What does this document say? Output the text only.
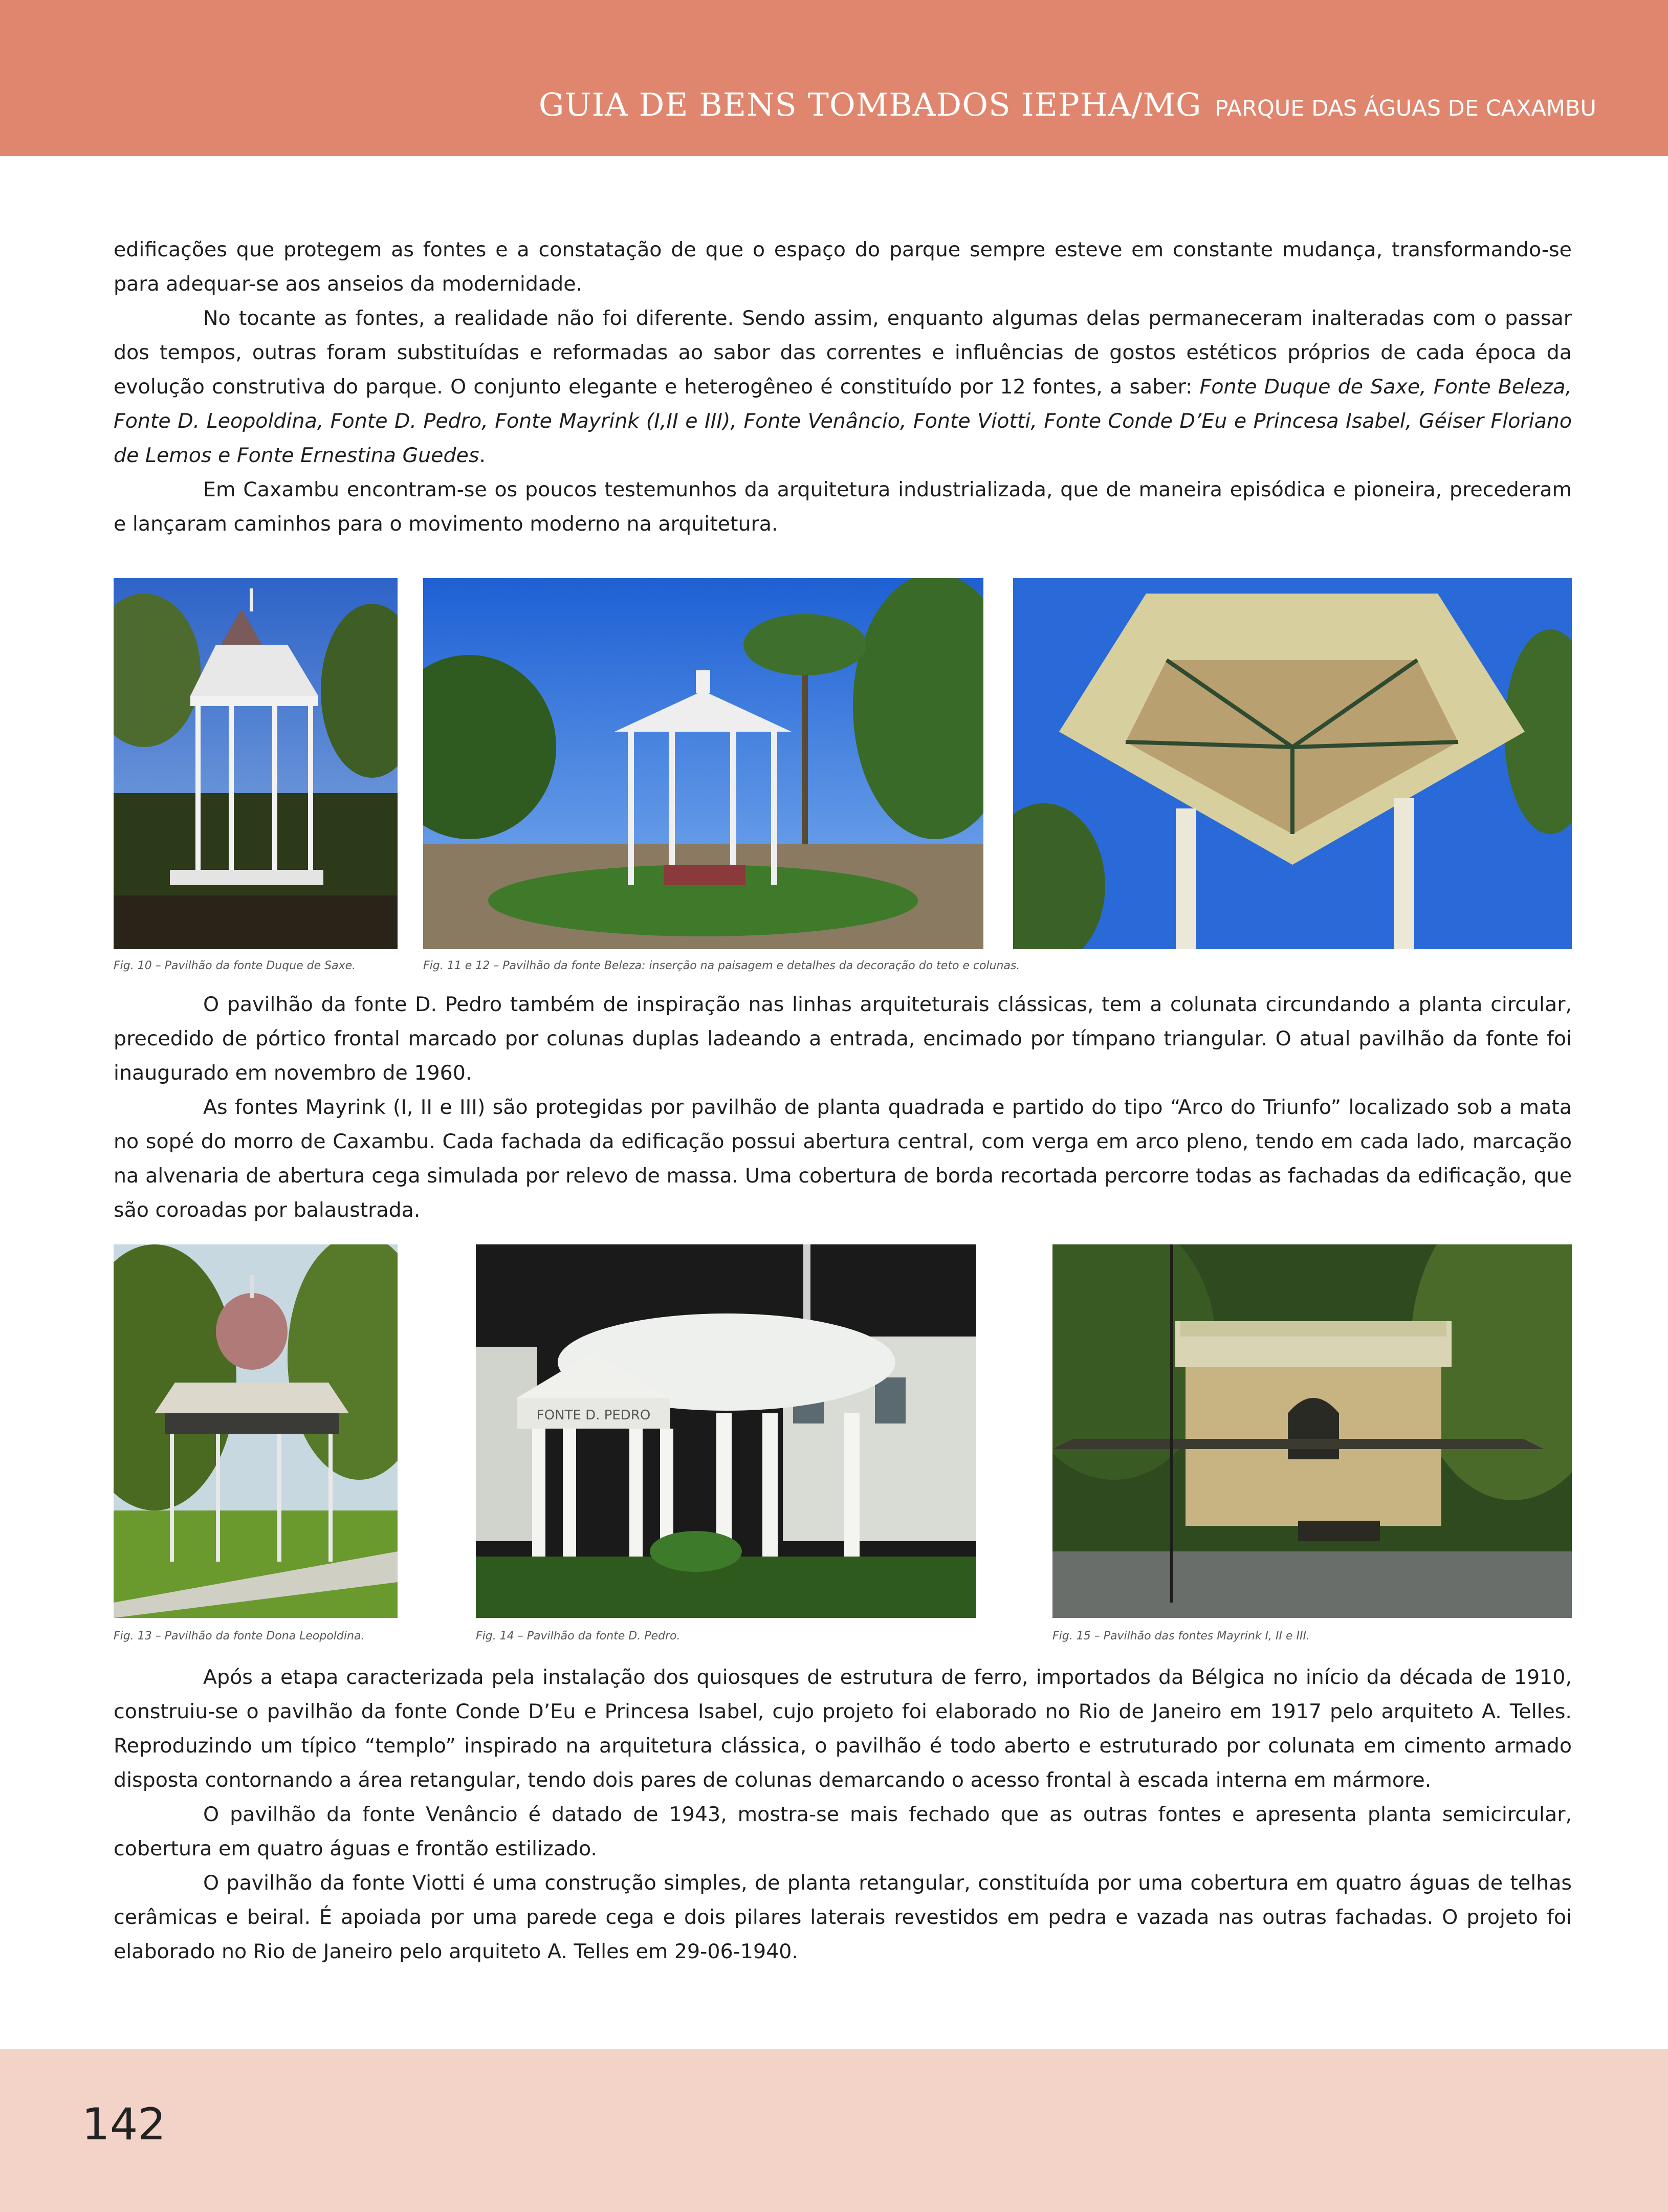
GUIA DE BENS TOMBADOS IEPHA/MG PARQUE DAS ÁGUAS DE CAXAMBU

edificações que protegem as fontes e a constatação de que o espaço do parque sempre esteve em constante mudança, transformando-se para adequar-se aos anseios da modernidade.

No tocante as fontes, a realidade não foi diferente. Sendo assim, enquanto algumas delas permaneceram inalteradas com o passar dos tempos, outras foram substituídas e reformadas ao sabor das correntes e influências de gostos estéticos próprios de cada época da evolução construtiva do parque. O conjunto elegante e heterogêneo é constituído por 12 fontes, a saber: Fonte Duque de Saxe, Fonte Beleza, Fonte D. Leopoldina, Fonte D. Pedro, Fonte Mayrink (I,II e III), Fonte Venâncio, Fonte Viotti, Fonte Conde D’Eu e Princesa Isabel, Géiser Floriano de Lemos e Fonte Ernestina Guedes.

Em Caxambu encontram-se os poucos testemunhos da arquitetura industrializada, que de maneira episódica e pioneira, precederam e lançaram caminhos para o movimento moderno na arquitetura.

Fig. 10 – Pavilhão da fonte Duque de Saxe.	Fig. 11 e 12 – Pavilhão da fonte Beleza: inserção na paisagem e detalhes da decoração do teto e colunas.

O pavilhão da fonte D. Pedro também de inspiração nas linhas arquiteturais clássicas, tem a colunata circundando a planta circular, precedido de pórtico frontal marcado por colunas duplas ladeando a entrada, encimado por tímpano triangular. O atual pavilhão da fonte foi inaugurado em novembro de 1960.

As fontes Mayrink (I, II e III) são protegidas por pavilhão de planta quadrada e partido do tipo “Arco do Triunfo” localizado sob a mata no sopé do morro de Caxambu. Cada fachada da edificação possui abertura central, com verga em arco pleno, tendo em cada lado, marcação na alvenaria de abertura cega simulada por relevo de massa. Uma cobertura de borda recortada percorre todas as fachadas da edificação, que são coroadas por balaustrada.

Fig. 13 – Pavilhão da fonte Dona Leopoldina.
FONTE D. PEDRO
Fig. 14 – Pavilhão da fonte D. Pedro.	Fig. 15 – Pavilhão das fontes Mayrink I, II e III.

Após a etapa caracterizada pela instalação dos quiosques de estrutura de ferro, importados da Bélgica no início da década de 1910, construiu-se o pavilhão da fonte Conde D’Eu e Princesa Isabel, cujo projeto foi elaborado no Rio de Janeiro em 1917 pelo arquiteto A. Telles. Reproduzindo um típico “templo” inspirado na arquitetura clássica, o pavilhão é todo aberto e estruturado por colunata em cimento armado disposta contornando a área retangular, tendo dois pares de colunas demarcando o acesso frontal à escada interna em mármore.

O pavilhão da fonte Venâncio é datado de 1943, mostra-se mais fechado que as outras fontes e apresenta planta semicircular, cobertura em quatro águas e frontão estilizado.

O pavilhão da fonte Viotti é uma construção simples, de planta retangular, constituída por uma cobertura em quatro águas de telhas cerâmicas e beiral. É apoiada por uma parede cega e dois pilares laterais revestidos em pedra e vazada nas outras fachadas. O projeto foi elaborado no Rio de Janeiro pelo arquiteto A. Telles em 29-06-1940.

142
